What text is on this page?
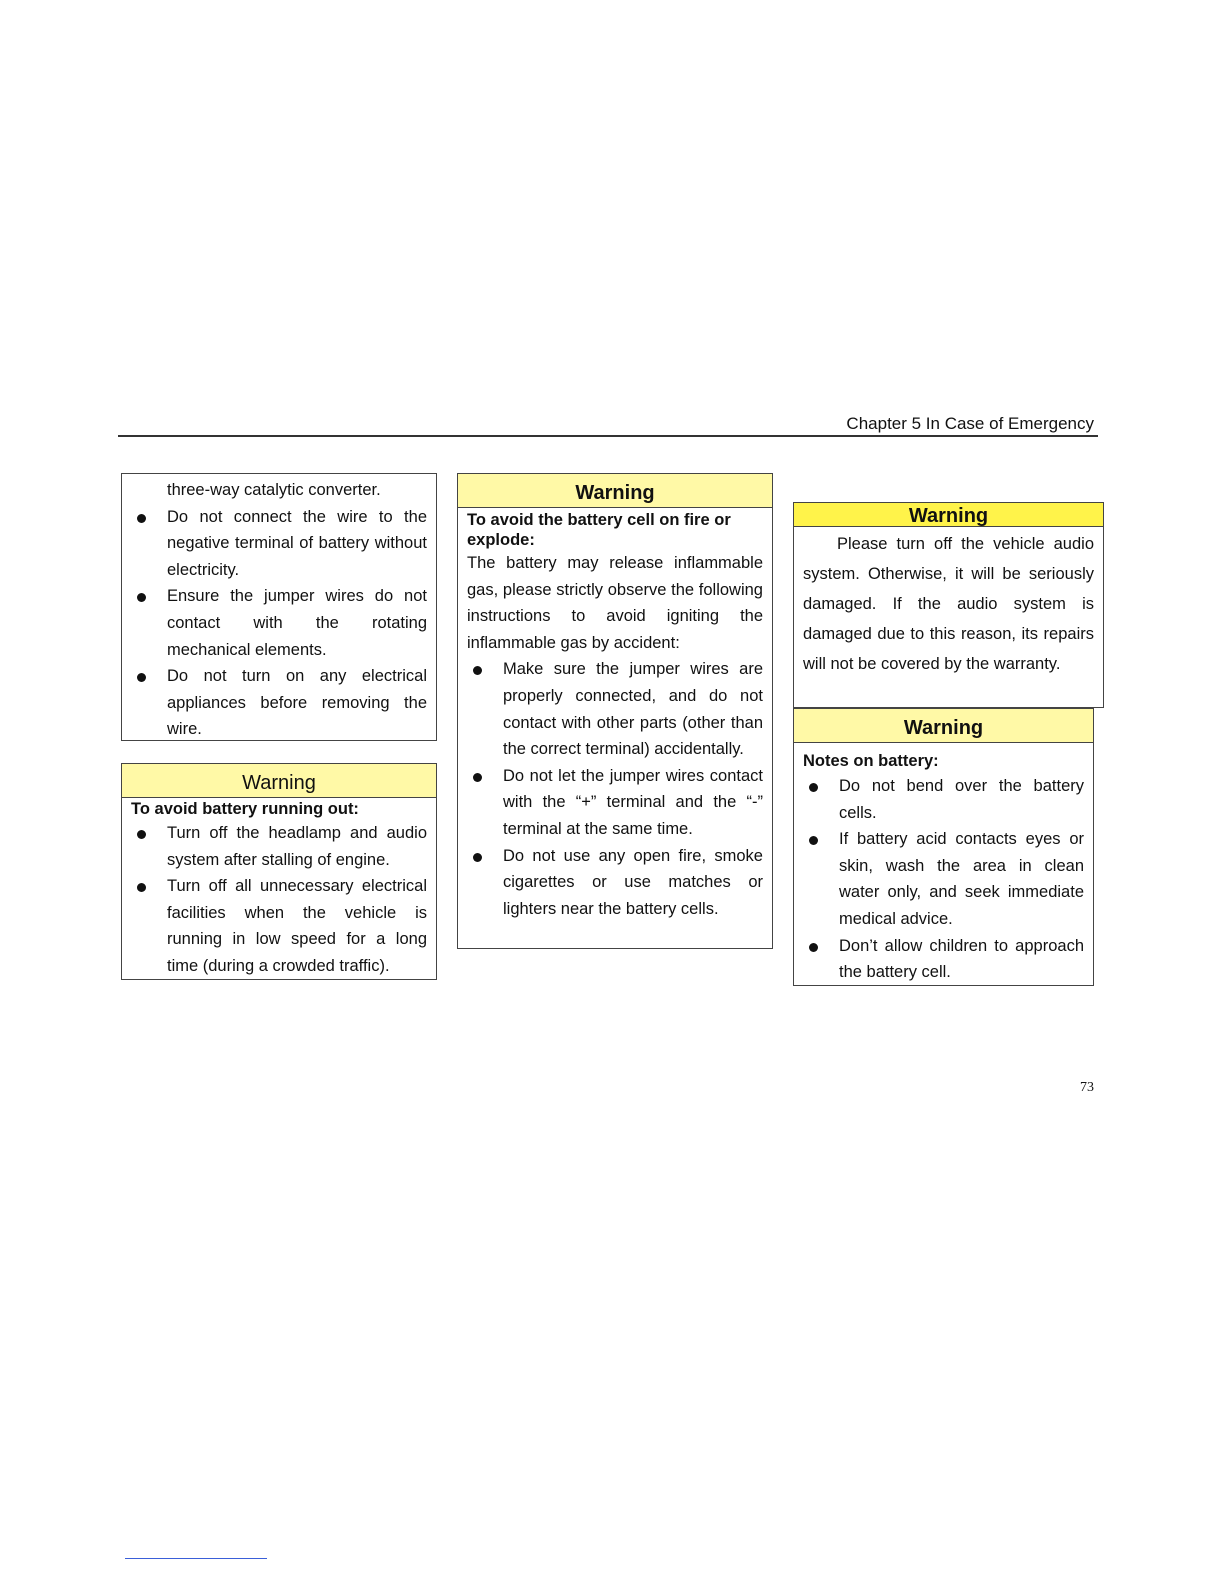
Chapter 5 In Case of Emergency
three-way catalytic converter.
Do not connect the wire to the negative terminal of battery without electricity.
Ensure the jumper wires do not contact with the rotating mechanical elements.
Do not turn on any electrical appliances before removing the wire.
Warning
To avoid battery running out:
Turn off the headlamp and audio system after stalling of engine.
Turn off all unnecessary electrical facilities when the vehicle is running in low speed for a long time (during a crowded traffic).
Warning
To avoid the battery cell on fire or explode:
The battery may release inflammable gas, please strictly observe the following instructions to avoid igniting the inflammable gas by accident:
Make sure the jumper wires are properly connected, and do not contact with other parts (other than the correct terminal) accidentally.
Do not let the jumper wires contact with the “+” terminal and the “-” terminal at the same time.
Do not use any open fire, smoke cigarettes or use matches or lighters near the battery cells.
Warning
Please turn off the vehicle audio system. Otherwise, it will be seriously damaged. If the audio system is damaged due to this reason, its repairs will not be covered by the warranty.
Warning
Notes on battery:
Do not bend over the battery cells.
If battery acid contacts eyes or skin, wash the area in clean water only, and seek immediate medical advice.
Don’t allow children to approach the battery cell.
73
